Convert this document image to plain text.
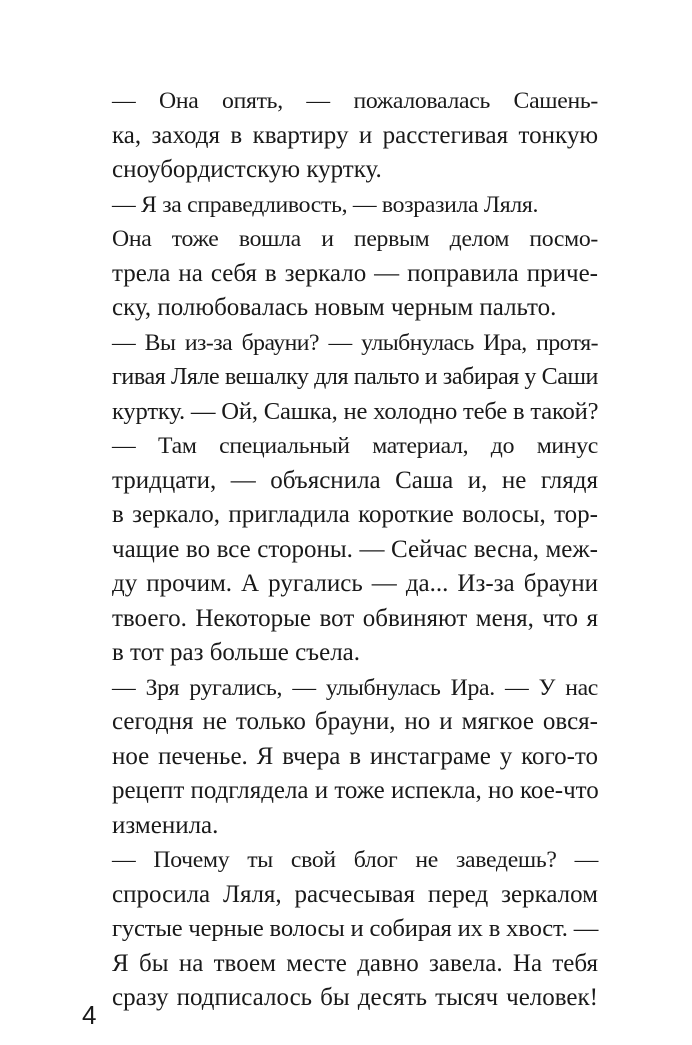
— Она опять, — пожаловалась Сашень-
ка, заходя в квартиру и расстегивая тонкую
сноубордистскую куртку.

— Я за справедливость, — возразила Ляля.

Она тоже вошла и первым делом посмо-
трела на себя в зеркало — поправила приче-
ску, полюбовалась новым черным пальто.

— Вы из-за брауни? — улыбнулась Ира, протя-
гивая Ляле вешалку для пальто и забирая у Саши
куртку. — Ой, Сашка, не холодно тебе в такой?

— Там специальный материал, до минус
тридцати, — объяснила Саша и, не глядя
в зеркало, пригладила короткие волосы, тор-
чащие во все стороны. — Сейчас весна, меж-
ду прочим. А ругались — да... Из-за брауни
твоего. Некоторые вот обвиняют меня, что я
в тот раз больше съела.

— Зря ругались, — улыбнулась Ира. — У нас
сегодня не только брауни, но и мягкое овся-
ное печенье. Я вчера в инстаграме у кого-то
рецепт подглядела и тоже испекла, но кое-что
изменила.

— Почему ты свой блог не заведешь? —
спросила Ляля, расчесывая перед зеркалом
густые черные волосы и собирая их в хвост. —
Я бы на твоем месте давно завела. На тебя
сразу подписалось бы десять тысяч человек!

4
